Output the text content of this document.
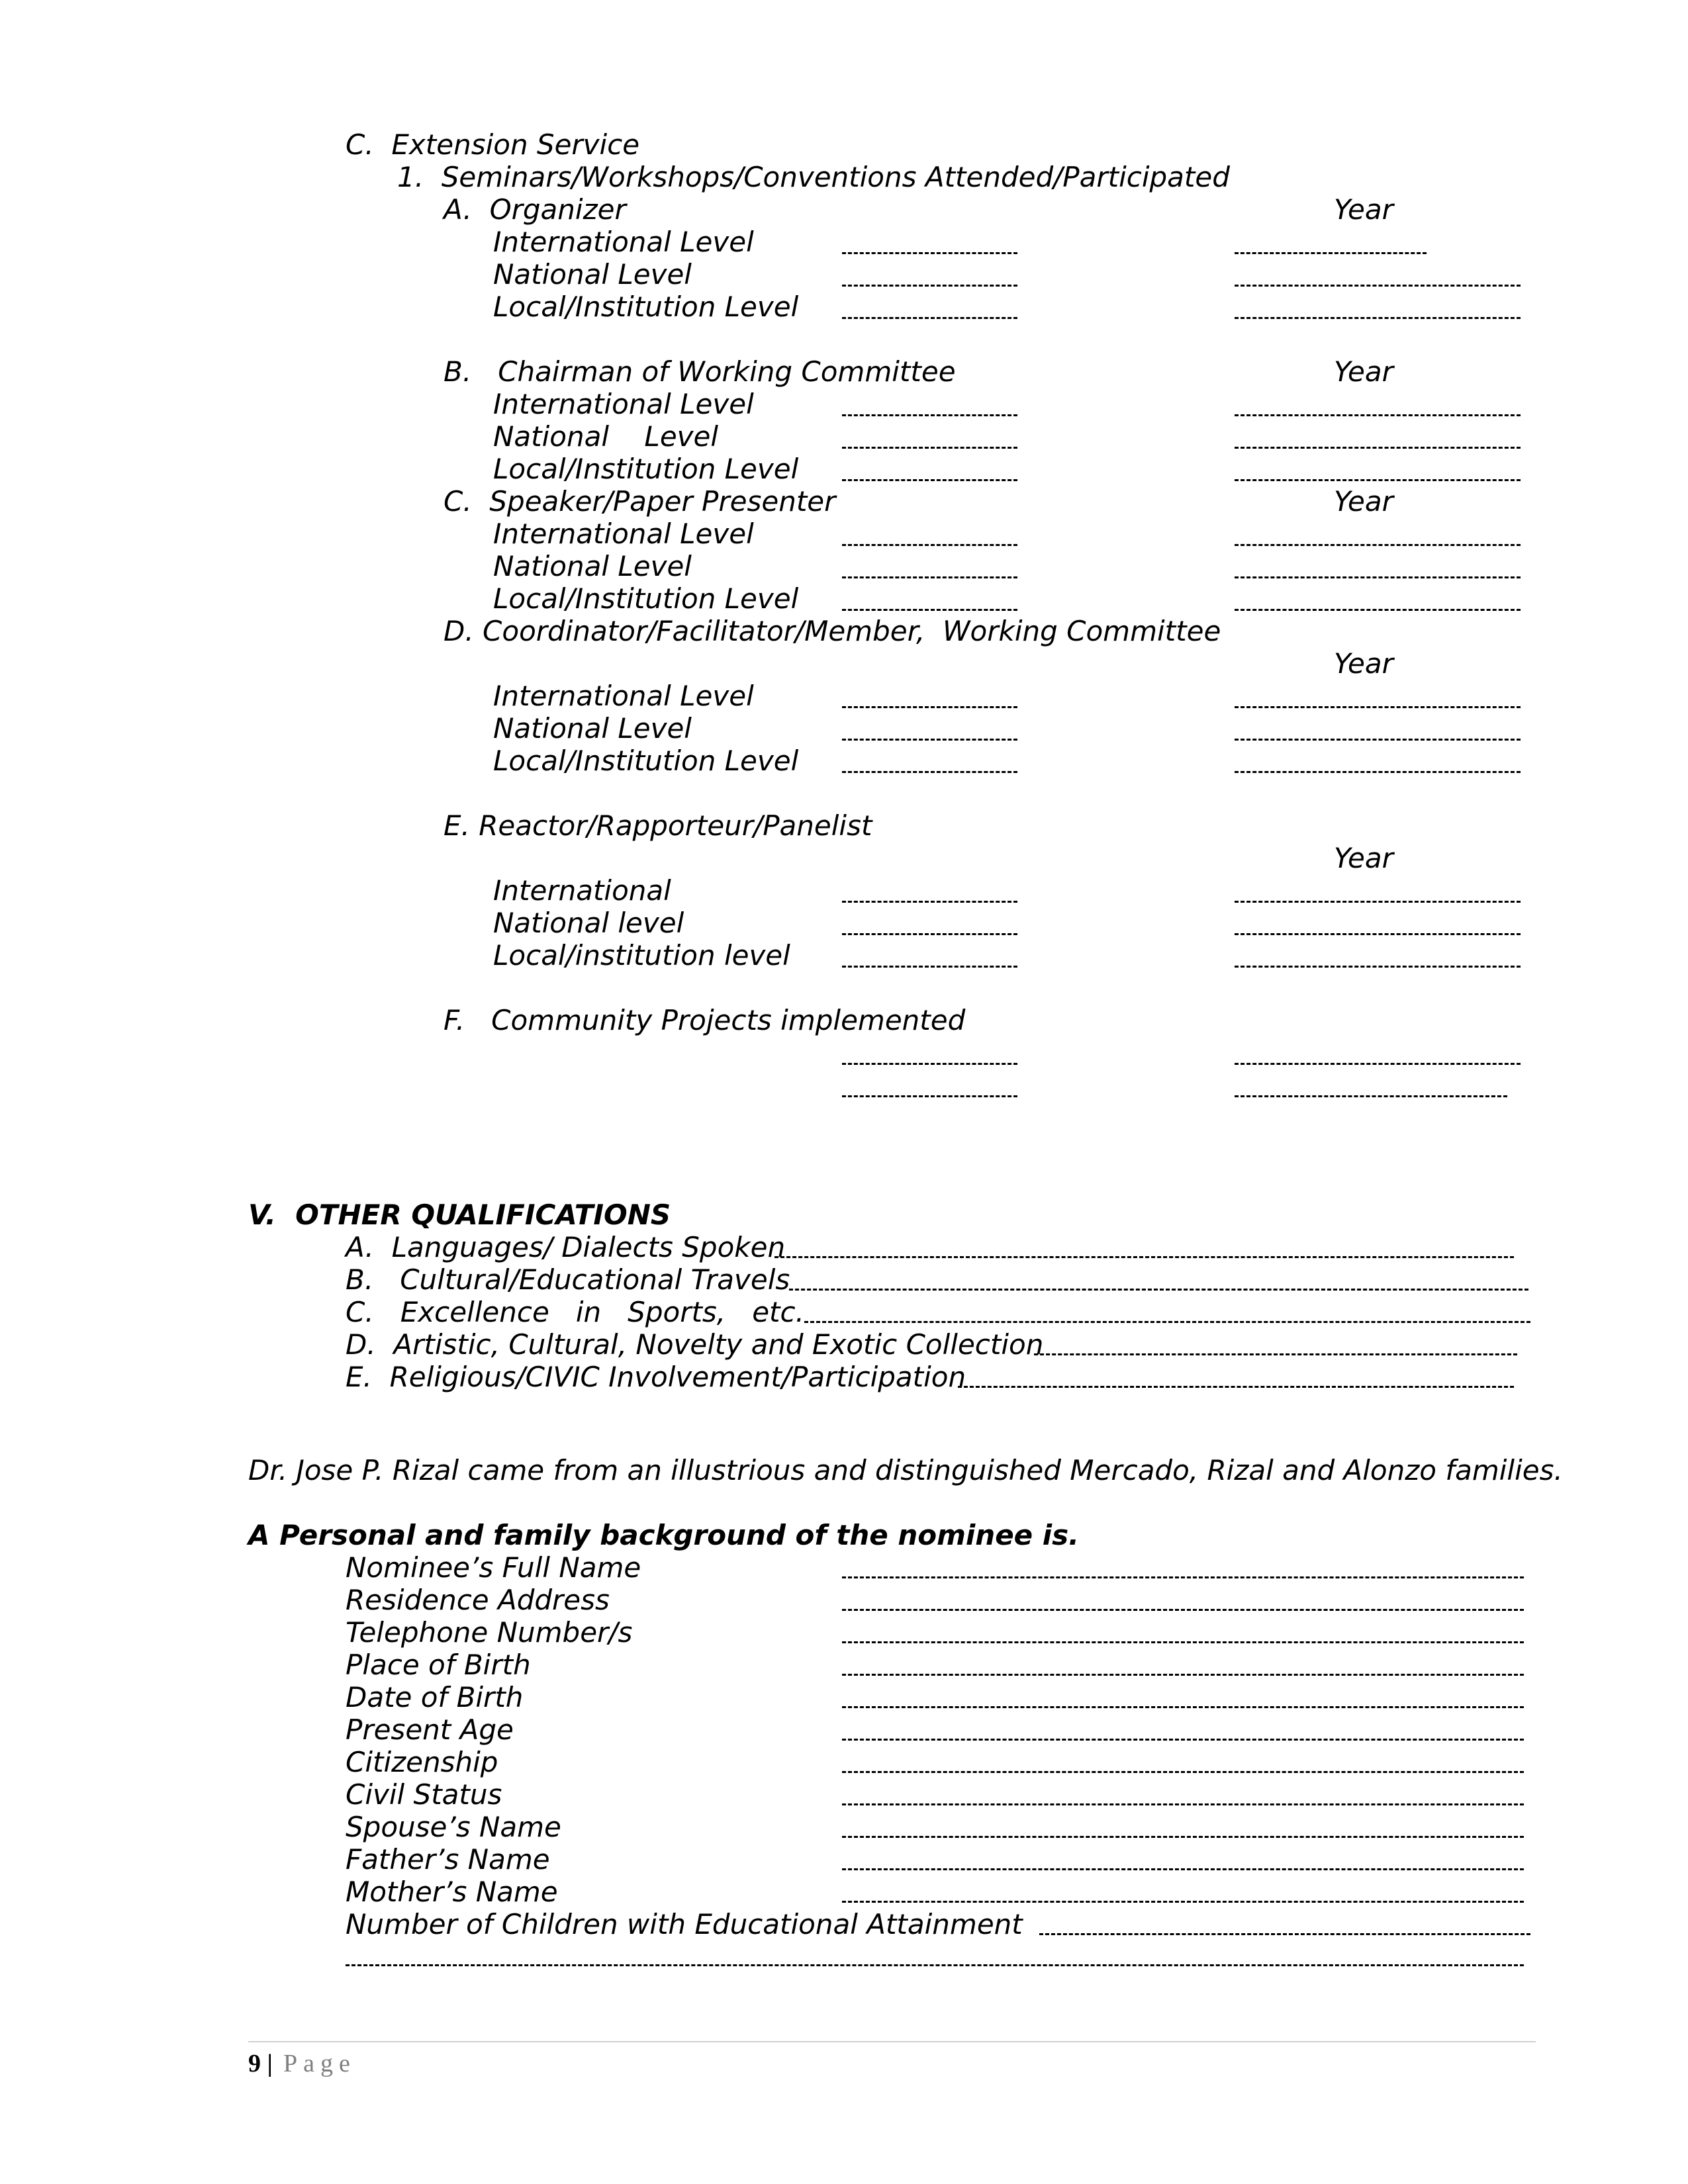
C.  Extension Service
1.  Seminars/Workshops/Conventions Attended/Participated
A.  Organizer	Year
International Level
National Level
Local/Institution Level
B.   Chairman of Working Committee	Year
International Level
National    Level
Local/Institution Level
C.  Speaker/Paper Presenter	Year
International Level
National Level
Local/Institution Level
D. Coordinator/Facilitator/Member,  Working Committee
Year
International Level
National Level
Local/Institution Level
E. Reactor/Rapporteur/Panelist
Year
International
National level
Local/institution level
F.   Community Projects implemented
V.  OTHER QUALIFICATIONS
A.  Languages/ Dialects Spoken
B.   Cultural/Educational Travels
C.   Excellence   in   Sports,   etc.
D.  Artistic, Cultural, Novelty and Exotic Collection
E.  Religious/CIVIC Involvement/Participation
Dr. Jose P. Rizal came from an illustrious and distinguished Mercado, Rizal and Alonzo families.
A Personal and family background of the nominee is.
Nominee’s Full Name
Residence Address
Telephone Number/s
Place of Birth
Date of Birth
Present Age
Citizenship
Civil Status
Spouse’s Name
Father’s Name
Mother’s Name
Number of Children with Educational Attainment
9 | Page
